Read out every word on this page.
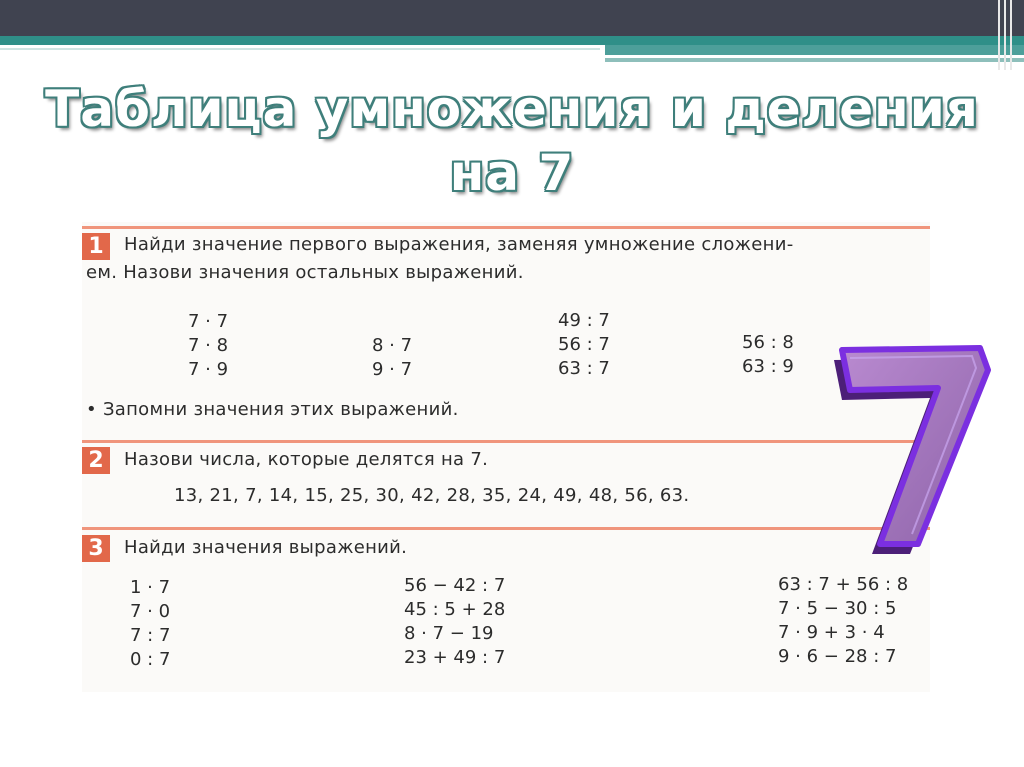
Таблица умножения и деления
на 7
1	Найди значение первого выражения, заменяя умножение сложени-
ем. Назови значения остальных выражений.
7 · 7
7 · 8
7 · 9
8 · 7
9 · 7
49 : 7
56 : 7
63 : 7
56 : 8
63 : 9
• Запомни значения этих выражений.
2	Назови числа, которые делятся на 7.
13, 21, 7, 14, 15, 25, 30, 42, 28, 35, 24, 49, 48, 56, 63.
3	Найди значения выражений.
1 · 7
7 · 0
7 : 7
0 : 7
56 − 42 : 7
45 : 5 + 28
8 · 7 − 19
23 + 49 : 7
63 : 7 + 56 : 8
7 · 5 − 30 : 5
7 · 9 + 3 · 4
9 · 6 − 28 : 7
7
